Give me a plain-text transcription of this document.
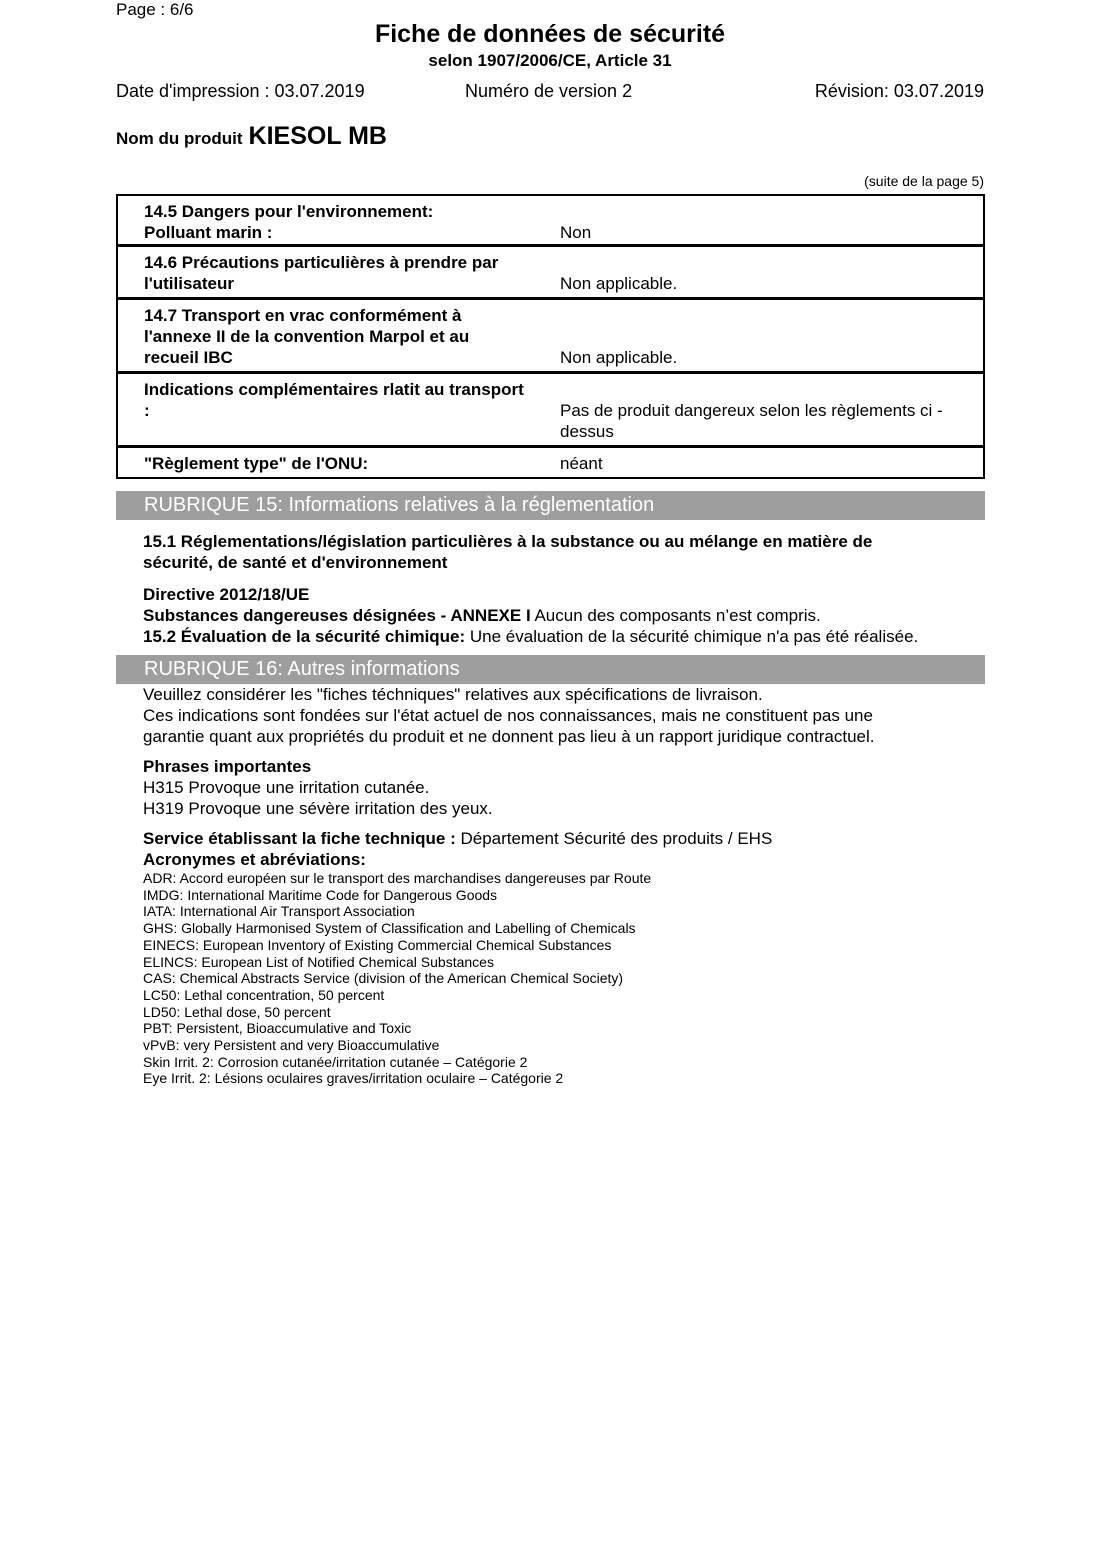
Page : 6/6
Fiche de données de sécurité
selon 1907/2006/CE, Article 31
Date d'impression : 03.07.2019	Numéro de version 2	Révision: 03.07.2019
Nom du produit KIESOL MB
(suite de la page 5)
14.5 Dangers pour l'environnement:
Polluant marin :	Non
14.6 Précautions particulières à prendre par
l'utilisateur	Non applicable.
14.7 Transport en vrac conformément à
l'annexe II de la convention Marpol et au
recueil IBC	Non applicable.
Indications complémentaires rlatit au transport
:	Pas de produit dangereux selon les règlements ci -
dessus
"Règlement type" de l'ONU:	néant
RUBRIQUE 15: Informations relatives à la réglementation
15.1 Réglementations/législation particulières à la substance ou au mélange en matière de
sécurité, de santé et d'environnement
Directive 2012/18/UE
Substances dangereuses désignées - ANNEXE I Aucun des composants n’est compris.
15.2 Évaluation de la sécurité chimique: Une évaluation de la sécurité chimique n'a pas été réalisée.
RUBRIQUE 16: Autres informations
Veuillez considérer les "fiches téchniques" relatives aux spécifications de livraison.
Ces indications sont fondées sur l'état actuel de nos connaissances, mais ne constituent pas une
garantie quant aux propriétés du produit et ne donnent pas lieu à un rapport juridique contractuel.
Phrases importantes
H315 Provoque une irritation cutanée.
H319 Provoque une sévère irritation des yeux.
Service établissant la fiche technique : Département Sécurité des produits / EHS
Acronymes et abréviations:
ADR: Accord européen sur le transport des marchandises dangereuses par Route
IMDG: International Maritime Code for Dangerous Goods
IATA: International Air Transport Association
GHS: Globally Harmonised System of Classification and Labelling of Chemicals
EINECS: European Inventory of Existing Commercial Chemical Substances
ELINCS: European List of Notified Chemical Substances
CAS: Chemical Abstracts Service (division of the American Chemical Society)
LC50: Lethal concentration, 50 percent
LD50: Lethal dose, 50 percent
PBT: Persistent, Bioaccumulative and Toxic
vPvB: very Persistent and very Bioaccumulative
Skin Irrit. 2: Corrosion cutanée/irritation cutanée – Catégorie 2
Eye Irrit. 2: Lésions oculaires graves/irritation oculaire – Catégorie 2
